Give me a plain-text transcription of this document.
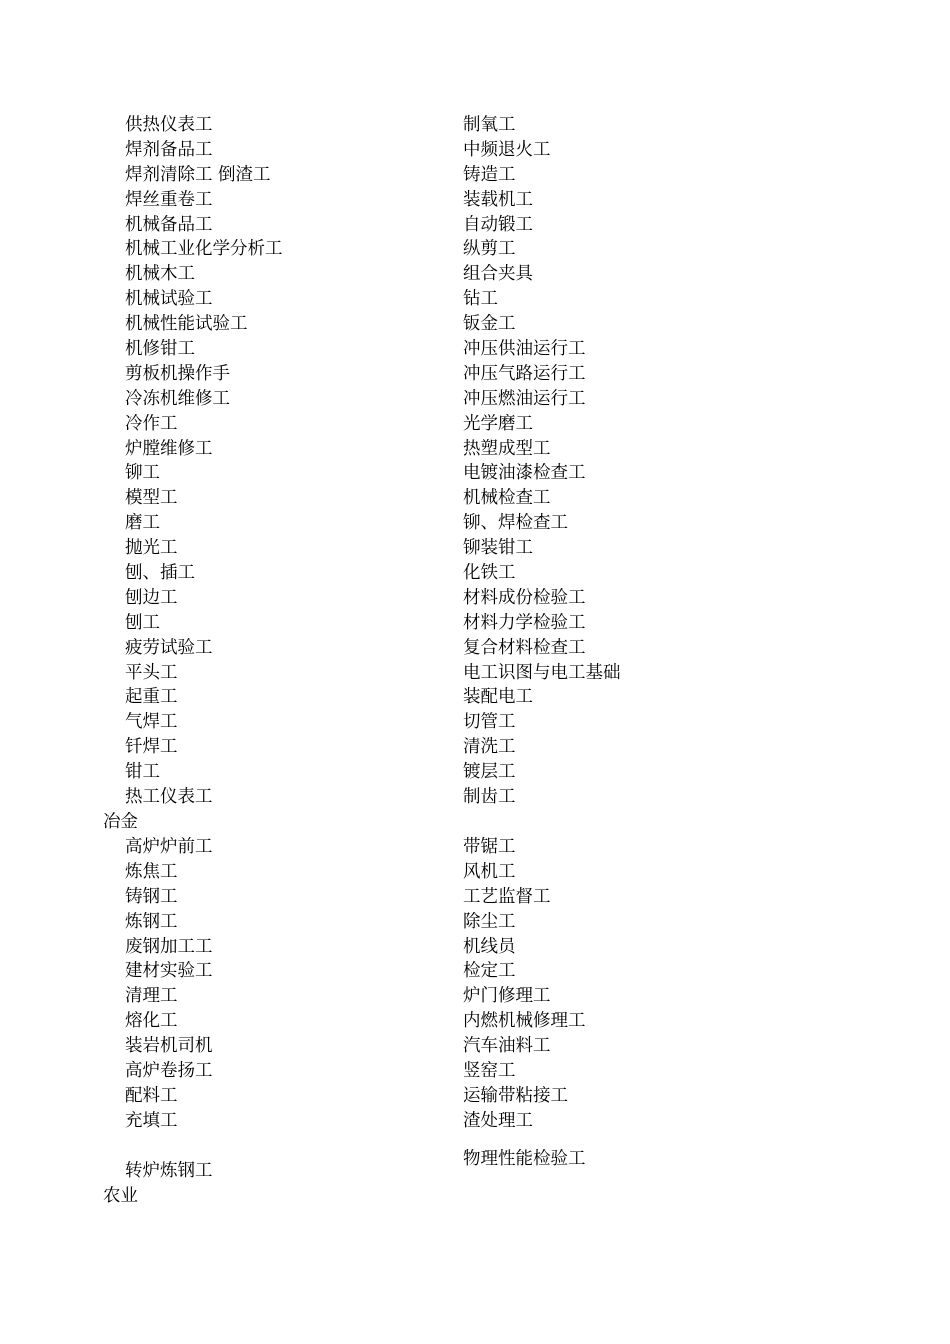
供热仪表工
焊剂备品工
焊剂清除工 倒渣工
焊丝重卷工
机械备品工
机械工业化学分析工
机械木工
机械试验工
机械性能试验工
机修钳工
剪板机操作手
冷冻机维修工
冷作工
炉膛维修工
铆工
模型工
磨工
抛光工
刨、插工
刨边工
刨工
疲劳试验工
平头工
起重工
气焊工
钎焊工
钳工
热工仪表工
制氧工
中频退火工
铸造工
装载机工
自动锻工
纵剪工
组合夹具
钻工
钣金工
冲压供油运行工
冲压气路运行工
冲压燃油运行工
光学磨工
热塑成型工
电镀油漆检查工
机械检查工
铆、焊检查工
铆装钳工
化铁工
材料成份检验工
材料力学检验工
复合材料检查工
电工识图与电工基础
装配电工
切管工
清洗工
镀层工
制齿工
冶金
高炉炉前工
炼焦工
铸钢工
炼钢工
废钢加工工
建材实验工
清理工
熔化工
装岩机司机
高炉卷扬工
配料工
充填工
带锯工
风机工
工艺监督工
除尘工
机线员
检定工
炉门修理工
内燃机械修理工
汽车油料工
竖窑工
运输带粘接工
渣处理工
物理性能检验工
转炉炼钢工
农业
